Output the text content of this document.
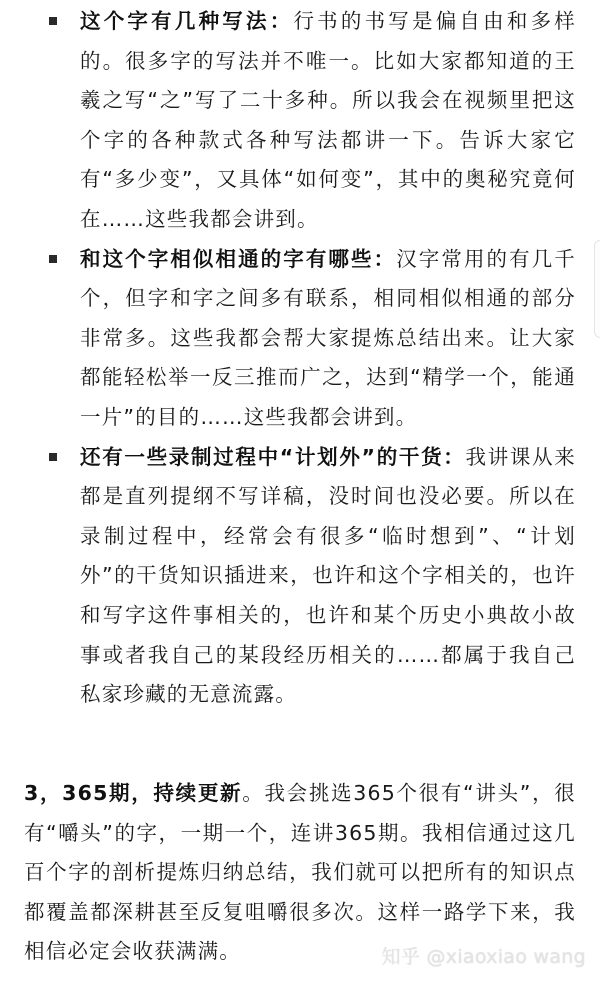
这个字有几种写法：行书的书写是偏自由和多样的。很多字的写法并不唯一。比如大家都知道的王羲之写“之”写了二十多种。所以我会在视频里把这个字的各种款式各种写法都讲一下。告诉大家它有“多少变”，又具体“如何变”，其中的奥秘究竟何在……这些我都会讲到。
和这个字相似相通的字有哪些：汉字常用的有几千个，但字和字之间多有联系，相同相似相通的部分非常多。这些我都会帮大家提炼总结出来。让大家都能轻松举一反三推而广之，达到“精学一个，能通一片”的目的……这些我都会讲到。
还有一些录制过程中“计划外”的干货：我讲课从来都是直列提纲不写详稿，没时间也没必要。所以在录制过程中，经常会有很多“临时想到”、“计划外”的干货知识插进来，也许和这个字相关的，也许和写字这件事相关的，也许和某个历史小典故小故事或者我自己的某段经历相关的……都属于我自己私家珍藏的无意流露。

3，365期，持续更新。我会挑选365个很有“讲头”，很有“嚼头”的字，一期一个，连讲365期。我相信通过这几百个字的剖析提炼归纳总结，我们就可以把所有的知识点都覆盖都深耕甚至反复咀嚼很多次。这样一路学下来，我相信必定会收获满满。	知乎 @xiaoxiao wang
